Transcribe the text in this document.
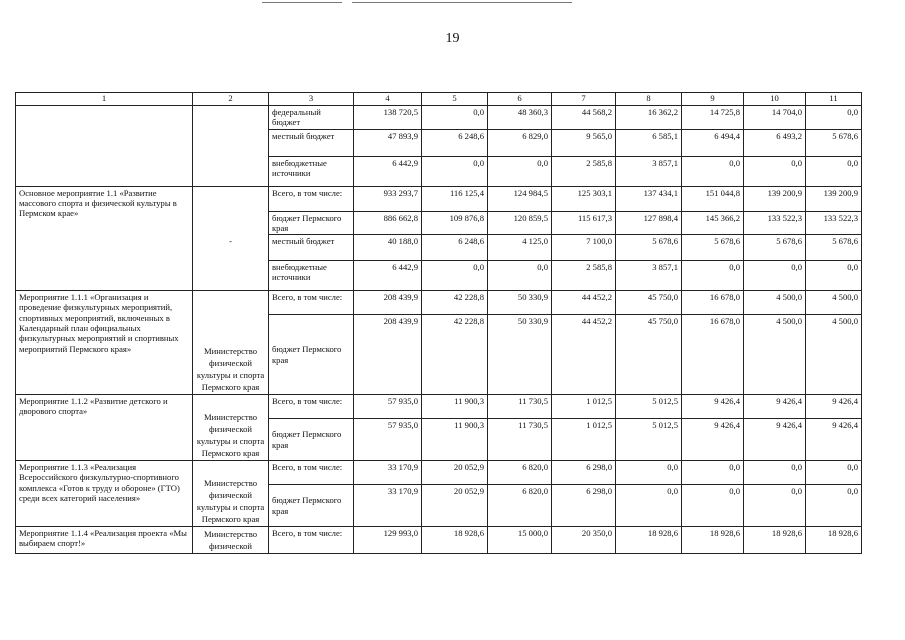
19
1	2	3	4	5	6	7	8	9	10	11
		федеральный бюджет	138 720,5	0,0	48 360,3	44 568,2	16 362,2	14 725,8	14 704,0	0,0
		местный бюджет	47 893,9	6 248,6	6 829,0	9 565,0	6 585,1	6 494,4	6 493,2	5 678,6
		внебюджетные источники	6 442,9	0,0	0,0	2 585,8	3 857,1	0,0	0,0	0,0
Основное мероприятие 1.1 «Развитие массового спорта и физической культуры в Пермском крае»	-	Всего, в том числе:	933 293,7	116 125,4	124 984,5	125 303,1	137 434,1	151 044,8	139 200,9	139 200,9
		бюджет Пермского края	886 662,8	109 876,8	120 859,5	115 617,3	127 898,4	145 366,2	133 522,3	133 522,3
		местный бюджет	40 188,0	6 248,6	4 125,0	7 100,0	5 678,6	5 678,6	5 678,6	5 678,6
		внебюджетные источники	6 442,9	0,0	0,0	2 585,8	3 857,1	0,0	0,0	0,0
Мероприятие 1.1.1 «Организация и проведение физкультурных мероприятий, спортивных мероприятий, включенных в Календарный план официальных физкультурных мероприятий и спортивных мероприятий Пермского края»	Министерство физической культуры и спорта Пермского края	Всего, в том числе:	208 439,9	42 228,8	50 330,9	44 452,2	45 750,0	16 678,0	4 500,0	4 500,0
		бюджет Пермского края	208 439,9	42 228,8	50 330,9	44 452,2	45 750,0	16 678,0	4 500,0	4 500,0
Мероприятие 1.1.2 «Развитие детского и дворового спорта»	Министерство физической культуры и спорта Пермского края	Всего, в том числе:	57 935,0	11 900,3	11 730,5	1 012,5	5 012,5	9 426,4	9 426,4	9 426,4
		бюджет Пермского края	57 935,0	11 900,3	11 730,5	1 012,5	5 012,5	9 426,4	9 426,4	9 426,4
Мероприятие 1.1.3 «Реализация Всероссийского физкультурно-спортивного комплекса «Готов к труду и обороне» (ГТО) среди всех категорий населения»	Министерство физической культуры и спорта Пермского края	Всего, в том числе:	33 170,9	20 052,9	6 820,0	6 298,0	0,0	0,0	0,0	0,0
		бюджет Пермского края	33 170,9	20 052,9	6 820,0	6 298,0	0,0	0,0	0,0	0,0
Мероприятие 1.1.4 «Реализация проекта «Мы выбираем спорт!»	Министерство физической	Всего, в том числе:	129 993,0	18 928,6	15 000,0	20 350,0	18 928,6	18 928,6	18 928,6	18 928,6
